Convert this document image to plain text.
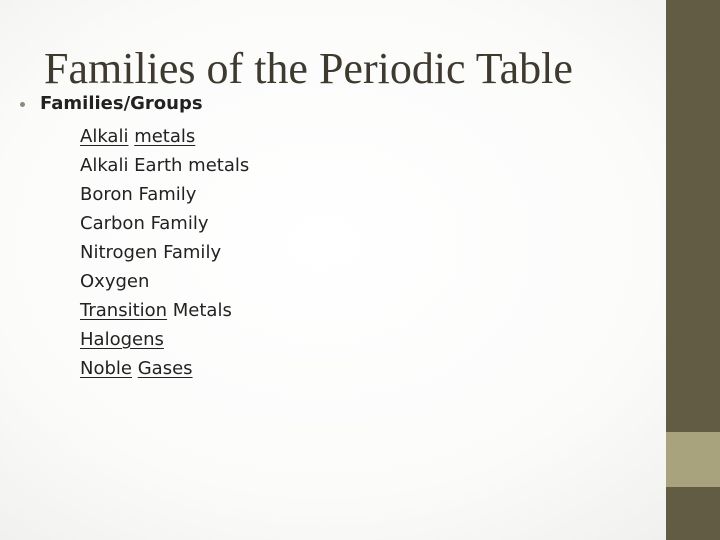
Families of the Periodic Table
Families/Groups
Alkali metals
Alkali Earth metals
Boron Family
Carbon Family
Nitrogen Family
Oxygen
Transition Metals
Halogens
Noble Gases
